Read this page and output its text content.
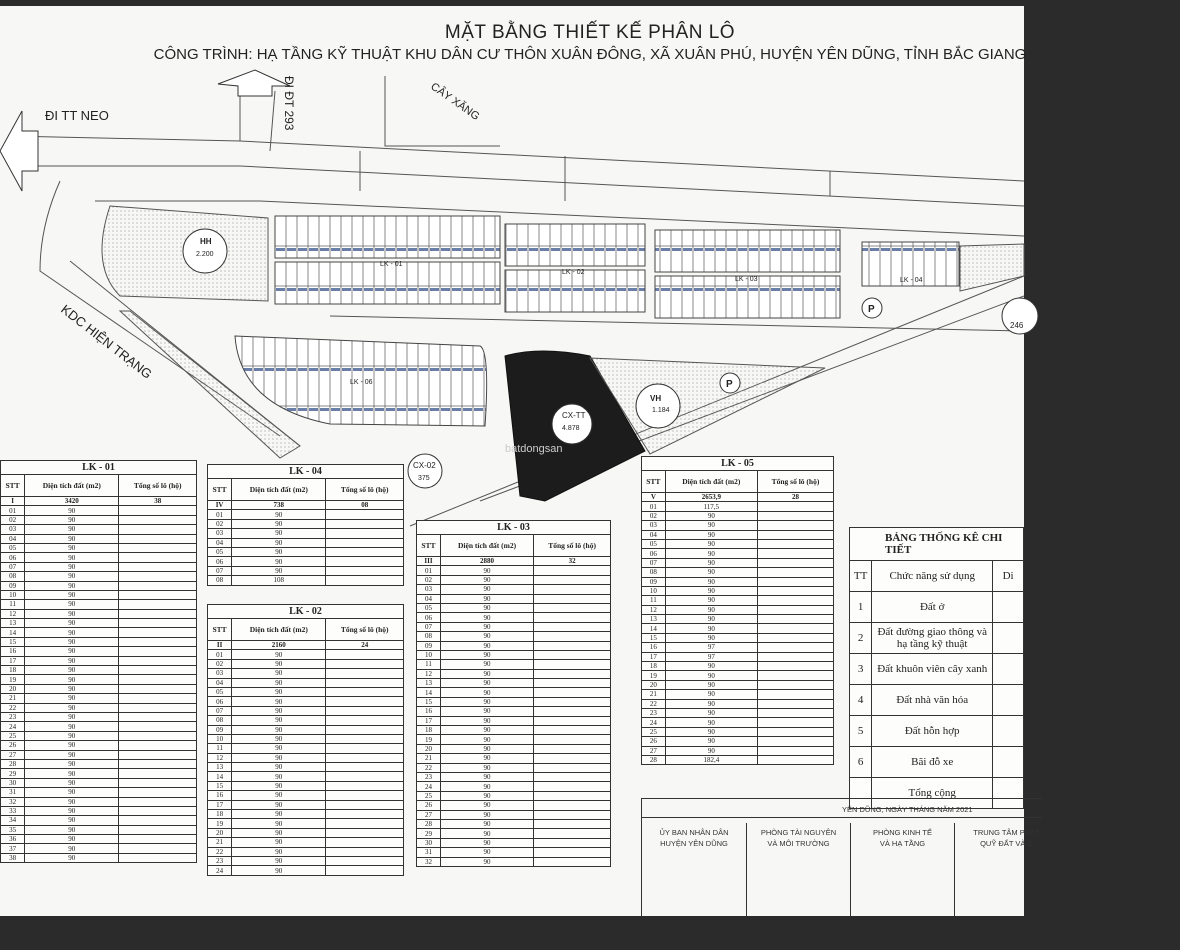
ĐI TT NEO	ĐI ĐT 293	CÂY XĂNG
KDC HIỆN TRẠNG
HH
2.200
LK - 01
LK - 02
LK - 03	LK - 04
LK - 06
CX-TT
4.878
VH
1.184
P
P
CX-02
375
246
batdongsan
MẶT BẰNG THIẾT KẾ PHÂN LÔ
CÔNG TRÌNH: HẠ TẦNG KỸ THUẬT KHU DÂN CƯ THÔN XUÂN ĐÔNG, XÃ XUÂN PHÚ, HUYỆN YÊN DŨNG, TỈNH BẮC GIANG
LK - 01		
STT	Diện tích đất (m2)	Tổng số lô (hộ)
I	3420	38
01	90	
02	90	
03	90	
04	90	
05	90	
06	90	
07	90	
08	90	
09	90	
10	90	
11	90	
12	90	
13	90	
14	90	
15	90	
16	90	
17	90	
18	90	
19	90	
20	90	
21	90	
22	90	
23	90	
24	90	
25	90	
26	90	
27	90	
28	90	
29	90	
30	90	
31	90	
32	90	
33	90	
34	90	
35	90	
36	90	
37	90	
38	90	
LK - 04		
STT	Diện tích đất (m2)	Tổng số lô (hộ)
IV	738	08
01	90	
02	90	
03	90	
04	90	
05	90	
06	90	
07	90	
08	108	
LK - 02		
STT	Diện tích đất (m2)	Tổng số lô (hộ)
II	2160	24
01	90	
02	90	
03	90	
04	90	
05	90	
06	90	
07	90	
08	90	
09	90	
10	90	
11	90	
12	90	
13	90	
14	90	
15	90	
16	90	
17	90	
18	90	
19	90	
20	90	
21	90	
22	90	
23	90	
24	90	
LK - 03		
STT	Diện tích đất (m2)	Tổng số lô (hộ)
III	2880	32
01	90	
02	90	
03	90	
04	90	
05	90	
06	90	
07	90	
08	90	
09	90	
10	90	
11	90	
12	90	
13	90	
14	90	
15	90	
16	90	
17	90	
18	90	
19	90	
20	90	
21	90	
22	90	
23	90	
24	90	
25	90	
26	90	
27	90	
28	90	
29	90	
30	90	
31	90	
32	90	
LK - 05		
STT	Diện tích đất (m2)	Tổng số lô (hộ)
V	2653,9	28
01	117,5	
02	90	
03	90	
04	90	
05	90	
06	90	
07	90	
08	90	
09	90	
10	90	
11	90	
12	90	
13	90	
14	90	
15	90	
16	97	
17	97	
18	90	
19	90	
20	90	
21	90	
22	90	
23	90	
24	90	
25	90	
26	90	
27	90	
28	182,4	
BẢNG THỐNG KÊ CHI TIẾT		
TT	Chức năng sử dụng	Di
1	Đất ở	
2	Đất đường giao thông và hạ tầng kỹ thuật	
3	Đất khuôn viên cây xanh	
4	Đất nhà văn hóa	
5	Đất hỗn hợp	
6	Bãi đỗ xe	
	Tổng cộng	
YÊN DŨNG, NGÀY THÁNG NĂM 2021
ỦY BAN NHÂN DÂN
HUYỆN YÊN DŨNG
PHÒNG TÀI NGUYÊN
VÀ MÔI TRƯỜNG
PHÒNG KINH TẾ
VÀ HẠ TẦNG
TRUNG TÂM PHÁT
QUỸ ĐẤT VÀ C
